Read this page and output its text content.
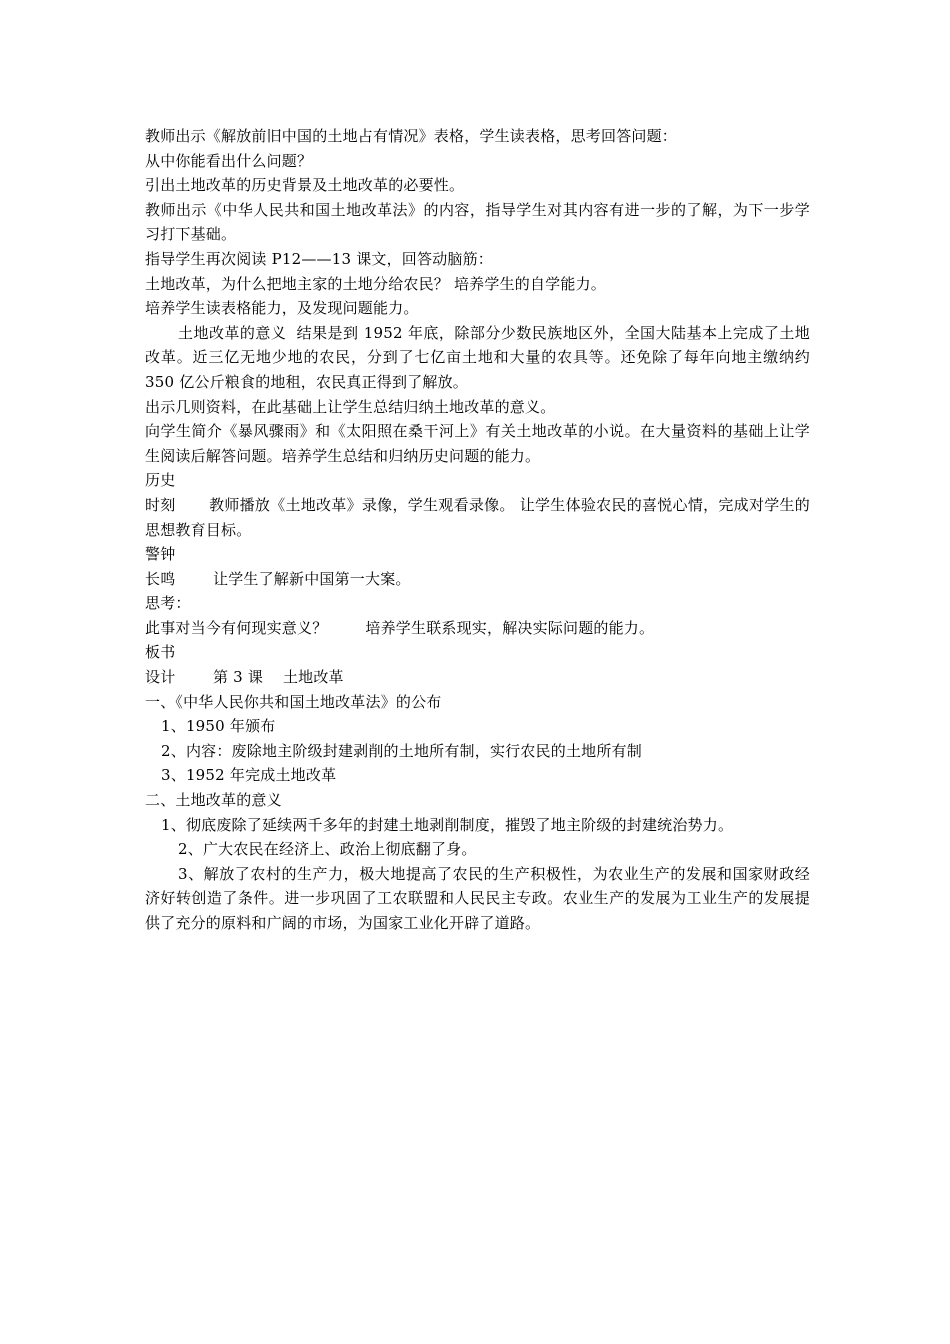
教师出示《解放前旧中国的土地占有情况》表格，学生读表格，思考回答问题：
从中你能看出什么问题？
引出土地改革的历史背景及土地改革的必要性。
教师出示《中华人民共和国土地改革法》的内容，指导学生对其内容有进一步的了解，为下一步学习打下基础。
指导学生再次阅读 P12——13 课文，回答动脑筋：
土地改革，为什么把地主家的土地分给农民？ 培养学生的自学能力。
培养学生读表格能力，及发现问题能力。
土地改革的意义 结果是到 1952 年底，除部分少数民族地区外，全国大陆基本上完成了土地改革。近三亿无地少地的农民，分到了七亿亩土地和大量的农具等。还免除了每年向地主缴纳约 350 亿公斤粮食的地租，农民真正得到了解放。
出示几则资料，在此基础上让学生总结归纳土地改革的意义。
向学生简介《暴风骤雨》和《太阳照在桑干河上》有关土地改革的小说。在大量资料的基础上让学生阅读后解答问题。培养学生总结和归纳历史问题的能力。
历史
时刻 教师播放《土地改革》录像，学生观看录像。 让学生体验农民的喜悦心情，完成对学生的思想教育目标。
警钟
长鸣	让学生了解新中国第一大案。
思考：
此事对当今有何现实意义？	培养学生联系现实，解决实际问题的能力。
板书
设计	第 3 课    土地改革
一、《中华人民你共和国土地改革法》的公布
1、1950 年颁布
2、内容：废除地主阶级封建剥削的土地所有制，实行农民的土地所有制
3、1952 年完成土地改革
二、土地改革的意义
1、彻底废除了延续两千多年的封建土地剥削制度，摧毁了地主阶级的封建统治势力。
2、广大农民在经济上、政治上彻底翻了身。
3、解放了农村的生产力，极大地提高了农民的生产积极性，为农业生产的发展和国家财政经济好转创造了条件。进一步巩固了工农联盟和人民民主专政。农业生产的发展为工业生产的发展提供了充分的原料和广阔的市场，为国家工业化开辟了道路。
